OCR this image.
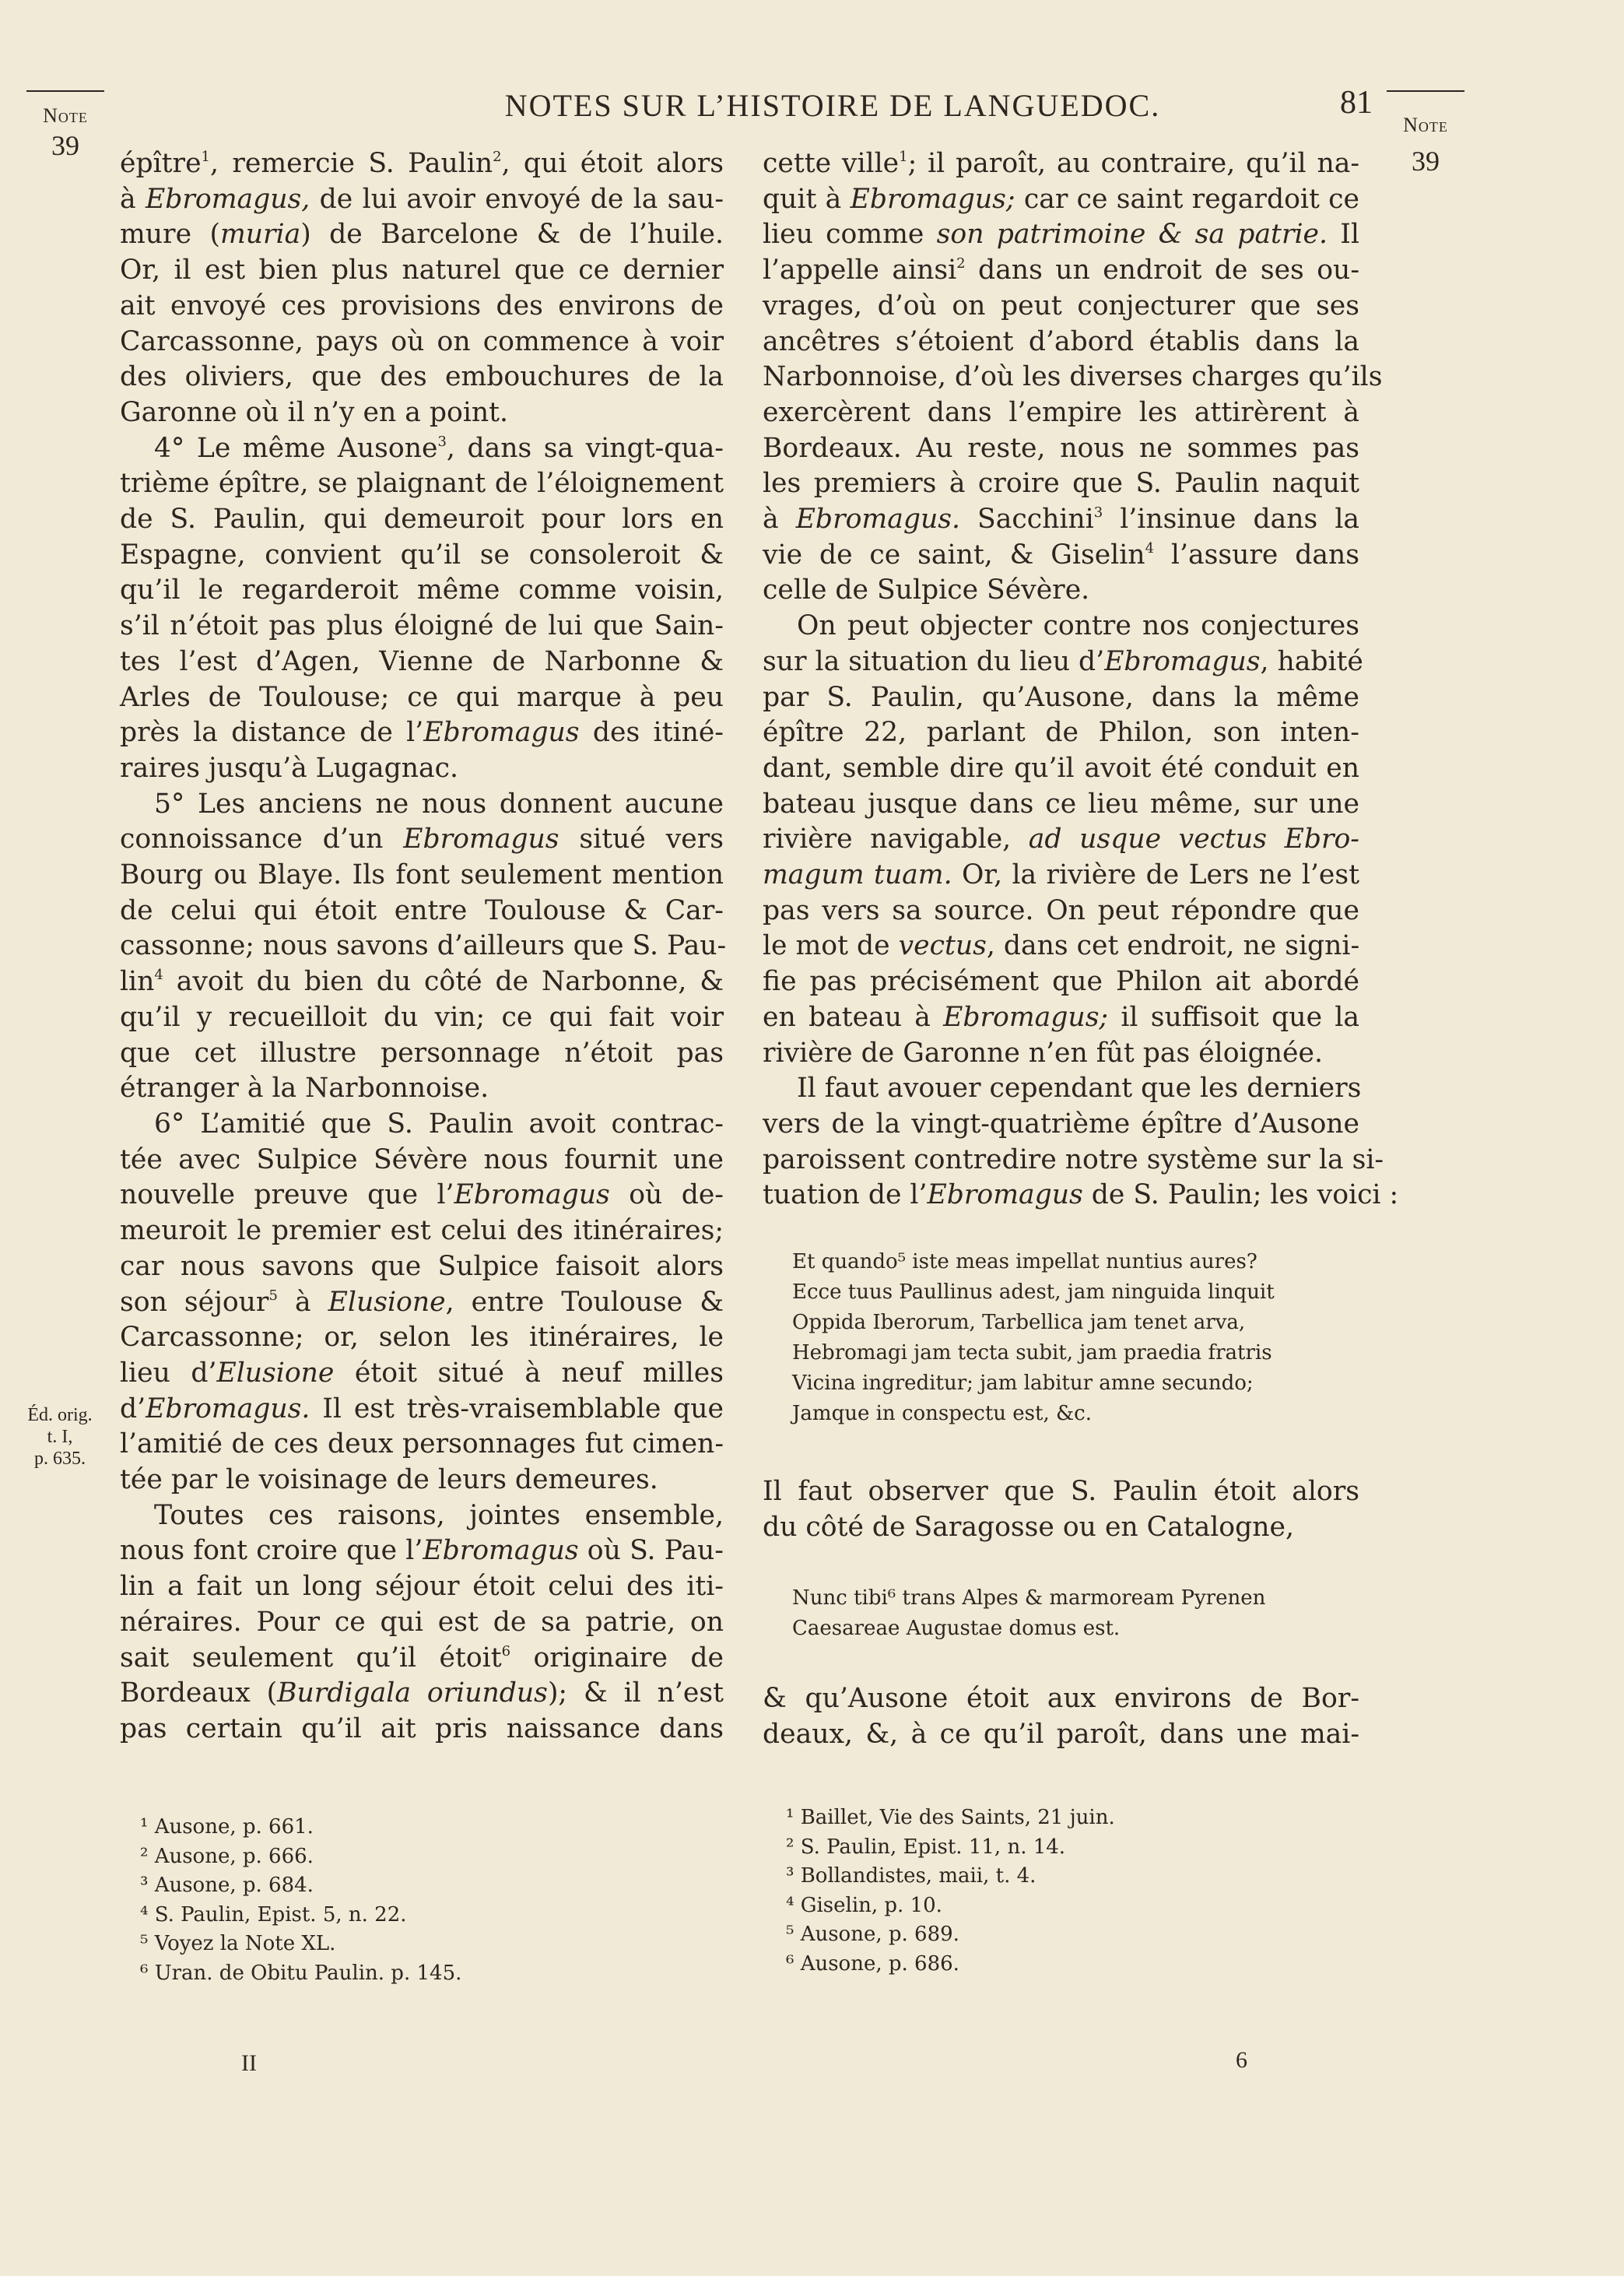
Note
39
NOTES SUR L’HISTOIRE DE LANGUEDOC.	81
Note
39
épître$^1$, remercie S. Paulin$^2$, qui étoit alors
à Ebromagus, de lui avoir envoyé de la sau-
mure (muria) de Barcelone & de l’huile.
Or, il est bien plus naturel que ce dernier
ait envoyé ces provisions des environs de
Carcassonne, pays où on commence à voir
des oliviers, que des embouchures de la
Garonne où il n’y en a point.
4° Le même Ausone$^3$, dans sa vingt-qua-
trième épître, se plaignant de l’éloignement
de S. Paulin, qui demeuroit pour lors en
Espagne, convient qu’il se consoleroit &
qu’il le regarderoit même comme voisin,
s’il n’étoit pas plus éloigné de lui que Sain-
tes l’est d’Agen, Vienne de Narbonne &
Arles de Toulouse; ce qui marque à peu
près la distance de l’Ebromagus des itiné-
raires jusqu’à Lugagnac.
5° Les anciens ne nous donnent aucune
connoissance d’un Ebromagus situé vers
Bourg ou Blaye. Ils font seulement mention
de celui qui étoit entre Toulouse & Car-
cassonne; nous savons d’ailleurs que S. Pau-
lin$^4$ avoit du bien du côté de Narbonne, &
qu’il y recueilloit du vin; ce qui fait voir
que cet illustre personnage n’étoit pas
étranger à la Narbonnoise.
6° L’amitié que S. Paulin avoit contrac-
tée avec Sulpice Sévère nous fournit une
nouvelle preuve que l’Ebromagus où de-
meuroit le premier est celui des itinéraires;
car nous savons que Sulpice faisoit alors
son séjour$^5$ à Elusione, entre Toulouse &
Carcassonne; or, selon les itinéraires, le
lieu d’Elusione étoit situé à neuf milles
d’Ebromagus. Il est très-vraisemblable que
l’amitié de ces deux personnages fut cimen-
tée par le voisinage de leurs demeures.
Toutes ces raisons, jointes ensemble,
nous font croire que l’Ebromagus où S. Pau-
lin a fait un long séjour étoit celui des iti-
néraires. Pour ce qui est de sa patrie, on
sait seulement qu’il étoit$^6$ originaire de
Bordeaux (Burdigala oriundus); & il n’est
pas certain qu’il ait pris naissance dans
Éd. orig.
t. I,
p. 635.
cette ville$^1$; il paroît, au contraire, qu’il na-
quit à Ebromagus; car ce saint regardoit ce
lieu comme son patrimoine & sa patrie. Il
l’appelle ainsi$^2$ dans un endroit de ses ou-
vrages, d’où on peut conjecturer que ses
ancêtres s’étoient d’abord établis dans la
Narbonnoise, d’où les diverses charges qu’ils
exercèrent dans l’empire les attirèrent à
Bordeaux. Au reste, nous ne sommes pas
les premiers à croire que S. Paulin naquit
à Ebromagus. Sacchini$^3$ l’insinue dans la
vie de ce saint, & Giselin$^4$ l’assure dans
celle de Sulpice Sévère.
On peut objecter contre nos conjectures
sur la situation du lieu d’Ebromagus, habité
par S. Paulin, qu’Ausone, dans la même
épître 22, parlant de Philon, son inten-
dant, semble dire qu’il avoit été conduit en
bateau jusque dans ce lieu même, sur une
rivière navigable, ad usque vectus Ebro-
magum tuam. Or, la rivière de Lers ne l’est
pas vers sa source. On peut répondre que
le mot de vectus, dans cet endroit, ne signi-
fie pas précisément que Philon ait abordé
en bateau à Ebromagus; il suffisoit que la
rivière de Garonne n’en fût pas éloignée.
Il faut avouer cependant que les derniers
vers de la vingt-quatrième épître d’Ausone
paroissent contredire notre système sur la si-
tuation de l’Ebromagus de S. Paulin; les voici :
Et quando⁵ iste meas impellat nuntius aures?
Ecce tuus Paullinus adest, jam ninguida linquit
Oppida Iberorum, Tarbellica jam tenet arva,
Hebromagi jam tecta subit, jam praedia fratris
Vicina ingreditur; jam labitur amne secundo;
Jamque in conspectu est, &c.
Il faut observer que S. Paulin étoit alors
du côté de Saragosse ou en Catalogne,
Nunc tibi⁶ trans Alpes & marmoream Pyrenen
Caesareae Augustae domus est.
& qu’Ausone étoit aux environs de Bor-
deaux, &, à ce qu’il paroît, dans une mai-
¹ Ausone, p. 661.
² Ausone, p. 666.
³ Ausone, p. 684.
⁴ S. Paulin, Epist. 5, n. 22.
⁵ Voyez la Note XL.
⁶ Uran. de Obitu Paulin. p. 145.
¹ Baillet, Vie des Saints, 21 juin.
² S. Paulin, Epist. 11, n. 14.
³ Bollandistes, maii, t. 4.
⁴ Giselin, p. 10.
⁵ Ausone, p. 689.
⁶ Ausone, p. 686.
II	6
